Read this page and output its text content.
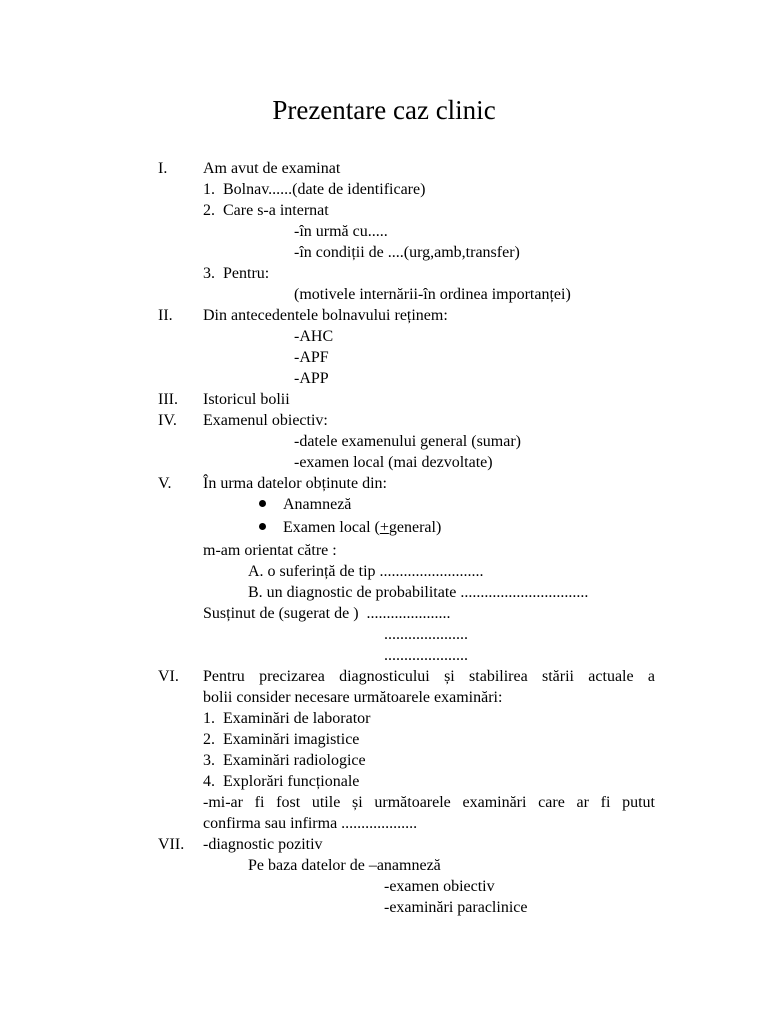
Prezentare caz clinic
I. Am avut de examinat
1.  Bolnav......(date de identificare)
2.  Care s-a internat
-în urmă cu.....
-în condiții de ....(urg,amb,transfer)
3.  Pentru:
(motivele internării-în ordinea importanței)
II. Din antecedentele bolnavului reținem:
-AHC
-APF
-APP
III. Istoricul bolii
IV. Examenul obiectiv:
-datele examenului general (sumar)
-examen local (mai dezvoltate)
V. În urma datelor obținute din:
Anamneză
Examen local (+general)
m-am orientat către :
A. o suferință de tip ..........................
B. un diagnostic de probabilitate ................................
Susținut de (sugerat de )  .....................
.....................
.....................
VI. Pentru precizarea diagnosticului și stabilirea stării actuale a
bolii consider necesare următoarele examinări:
1.  Examinări de laborator
2.  Examinări imagistice
3.  Examinări radiologice
4.  Explorări funcționale
-mi-ar fi fost utile și următoarele examinări care ar fi putut
confirma sau infirma ...................
VII. -diagnostic pozitiv
Pe baza datelor de –anamneză
-examen obiectiv
-examinări paraclinice
